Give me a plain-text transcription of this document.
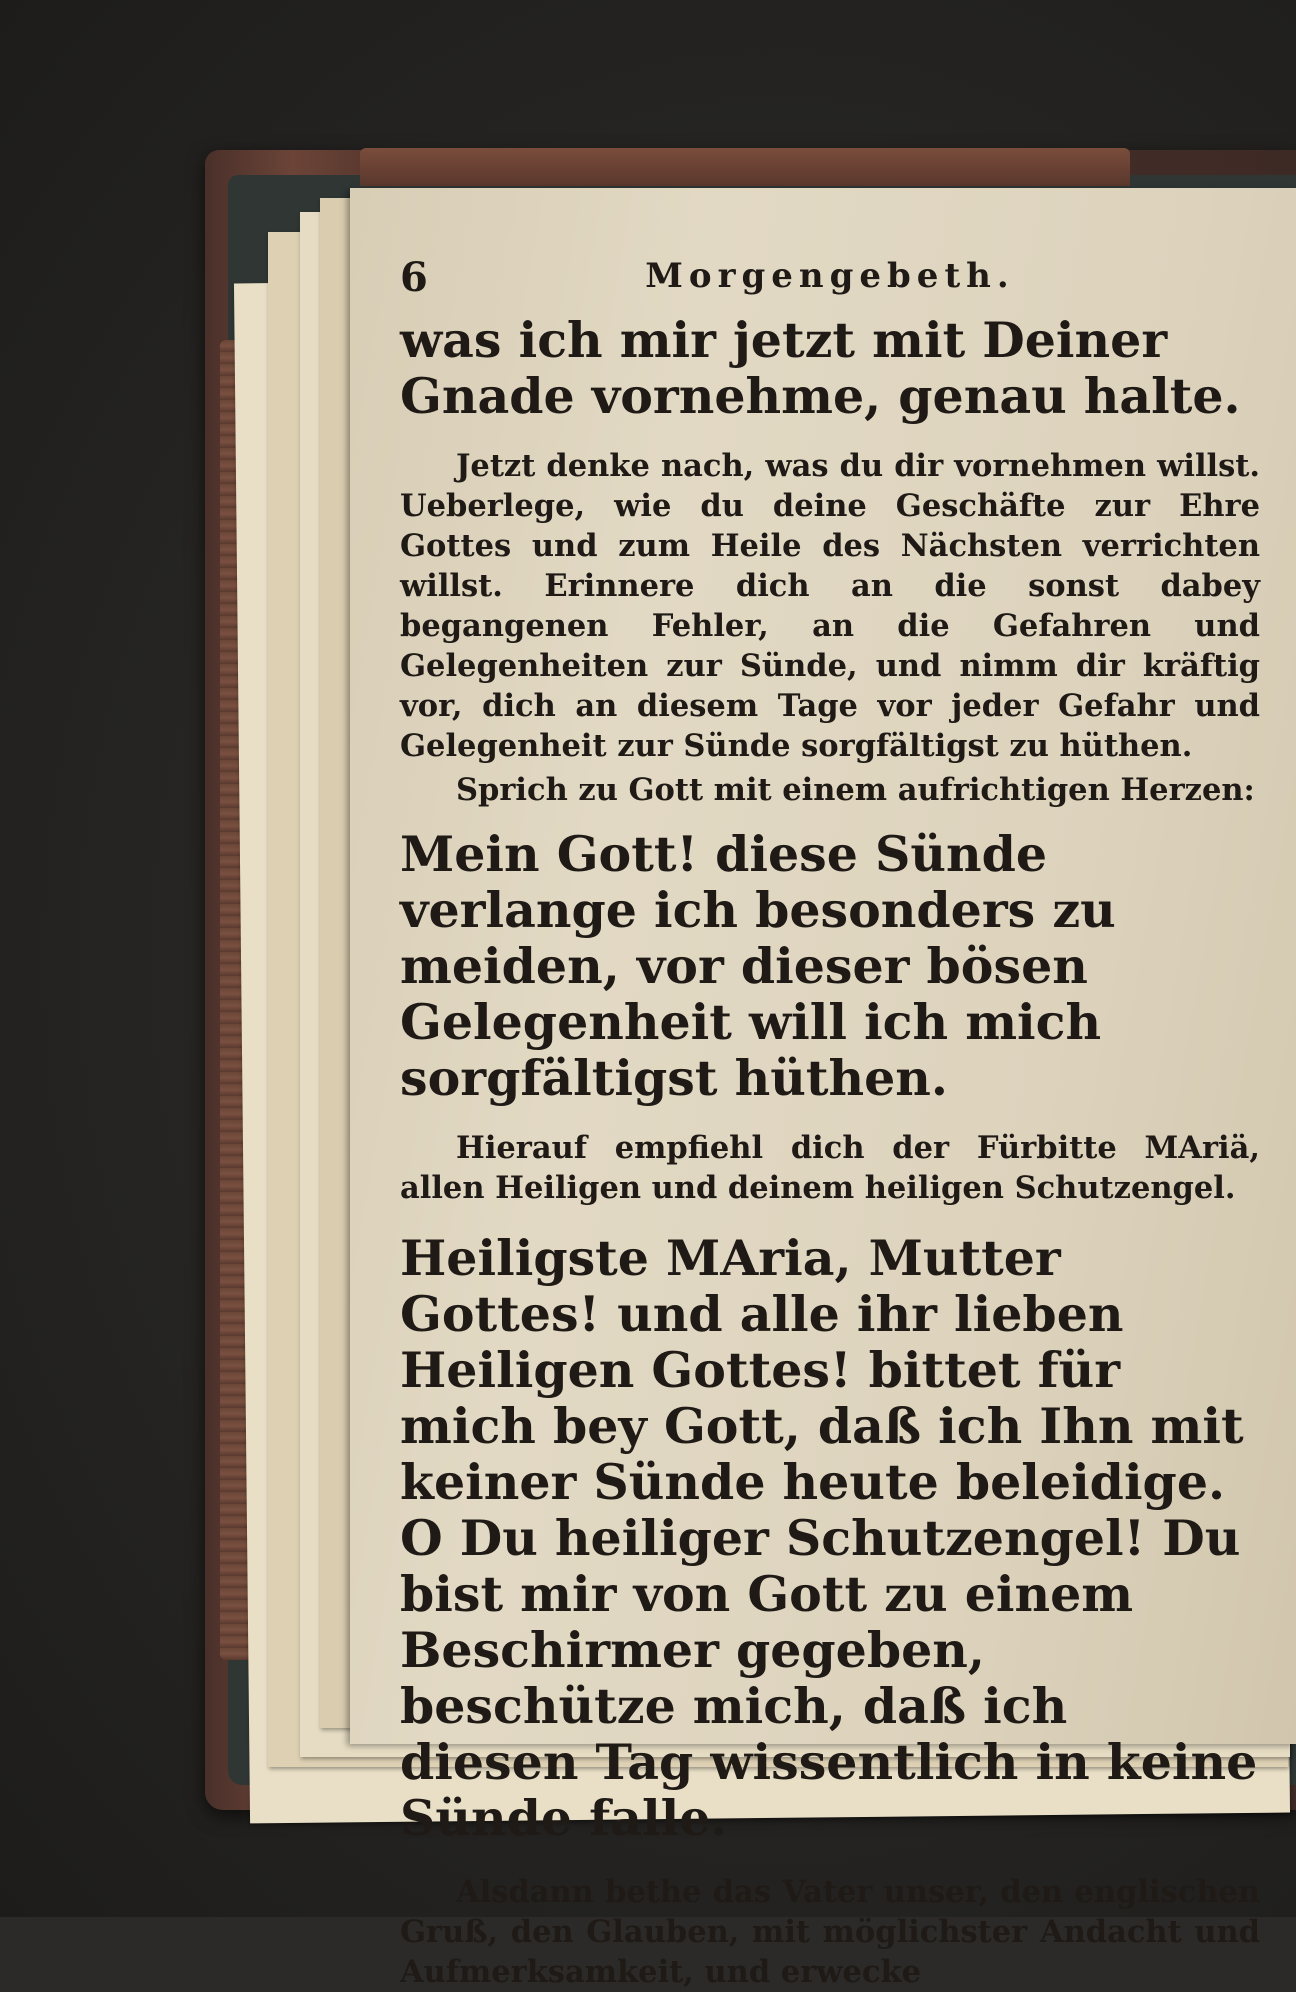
6	Morgengebeth.

was ich mir jetzt mit Deiner Gnade vornehme, genau halte.

Jetzt denke nach, was du dir vornehmen willst. Ueberlege, wie du deine Geschäfte zur Ehre Gottes und zum Heile des Nächsten verrichten willst. Erinnere dich an die sonst dabey begangenen Fehler, an die Gefahren und Gelegenheiten zur Sünde, und nimm dir kräftig vor, dich an diesem Tage vor jeder Gefahr und Gelegenheit zur Sünde sorgfältigst zu hüthen.

Sprich zu Gott mit einem aufrichtigen Herzen:

Mein Gott! diese Sünde verlange ich besonders zu meiden, vor dieser bösen Gelegenheit will ich mich sorgfältigst hüthen.

Hierauf empfiehl dich der Fürbitte MAriä, allen Heiligen und deinem heiligen Schutzengel.

Heiligste MAria, Mutter Gottes! und alle ihr lieben Heiligen Gottes! bittet für mich bey Gott, daß ich Ihn mit keiner Sünde heute beleidige. O Du heiliger Schutzengel! Du bist mir von Gott zu einem Beschirmer gegeben, beschütze mich, daß ich diesen Tag wissentlich in keine Sünde falle.

Alsdann bethe das Vater unser, den englischen Gruß, den Glauben, mit möglichster Andacht und Aufmerksamkeit, und erwecke
